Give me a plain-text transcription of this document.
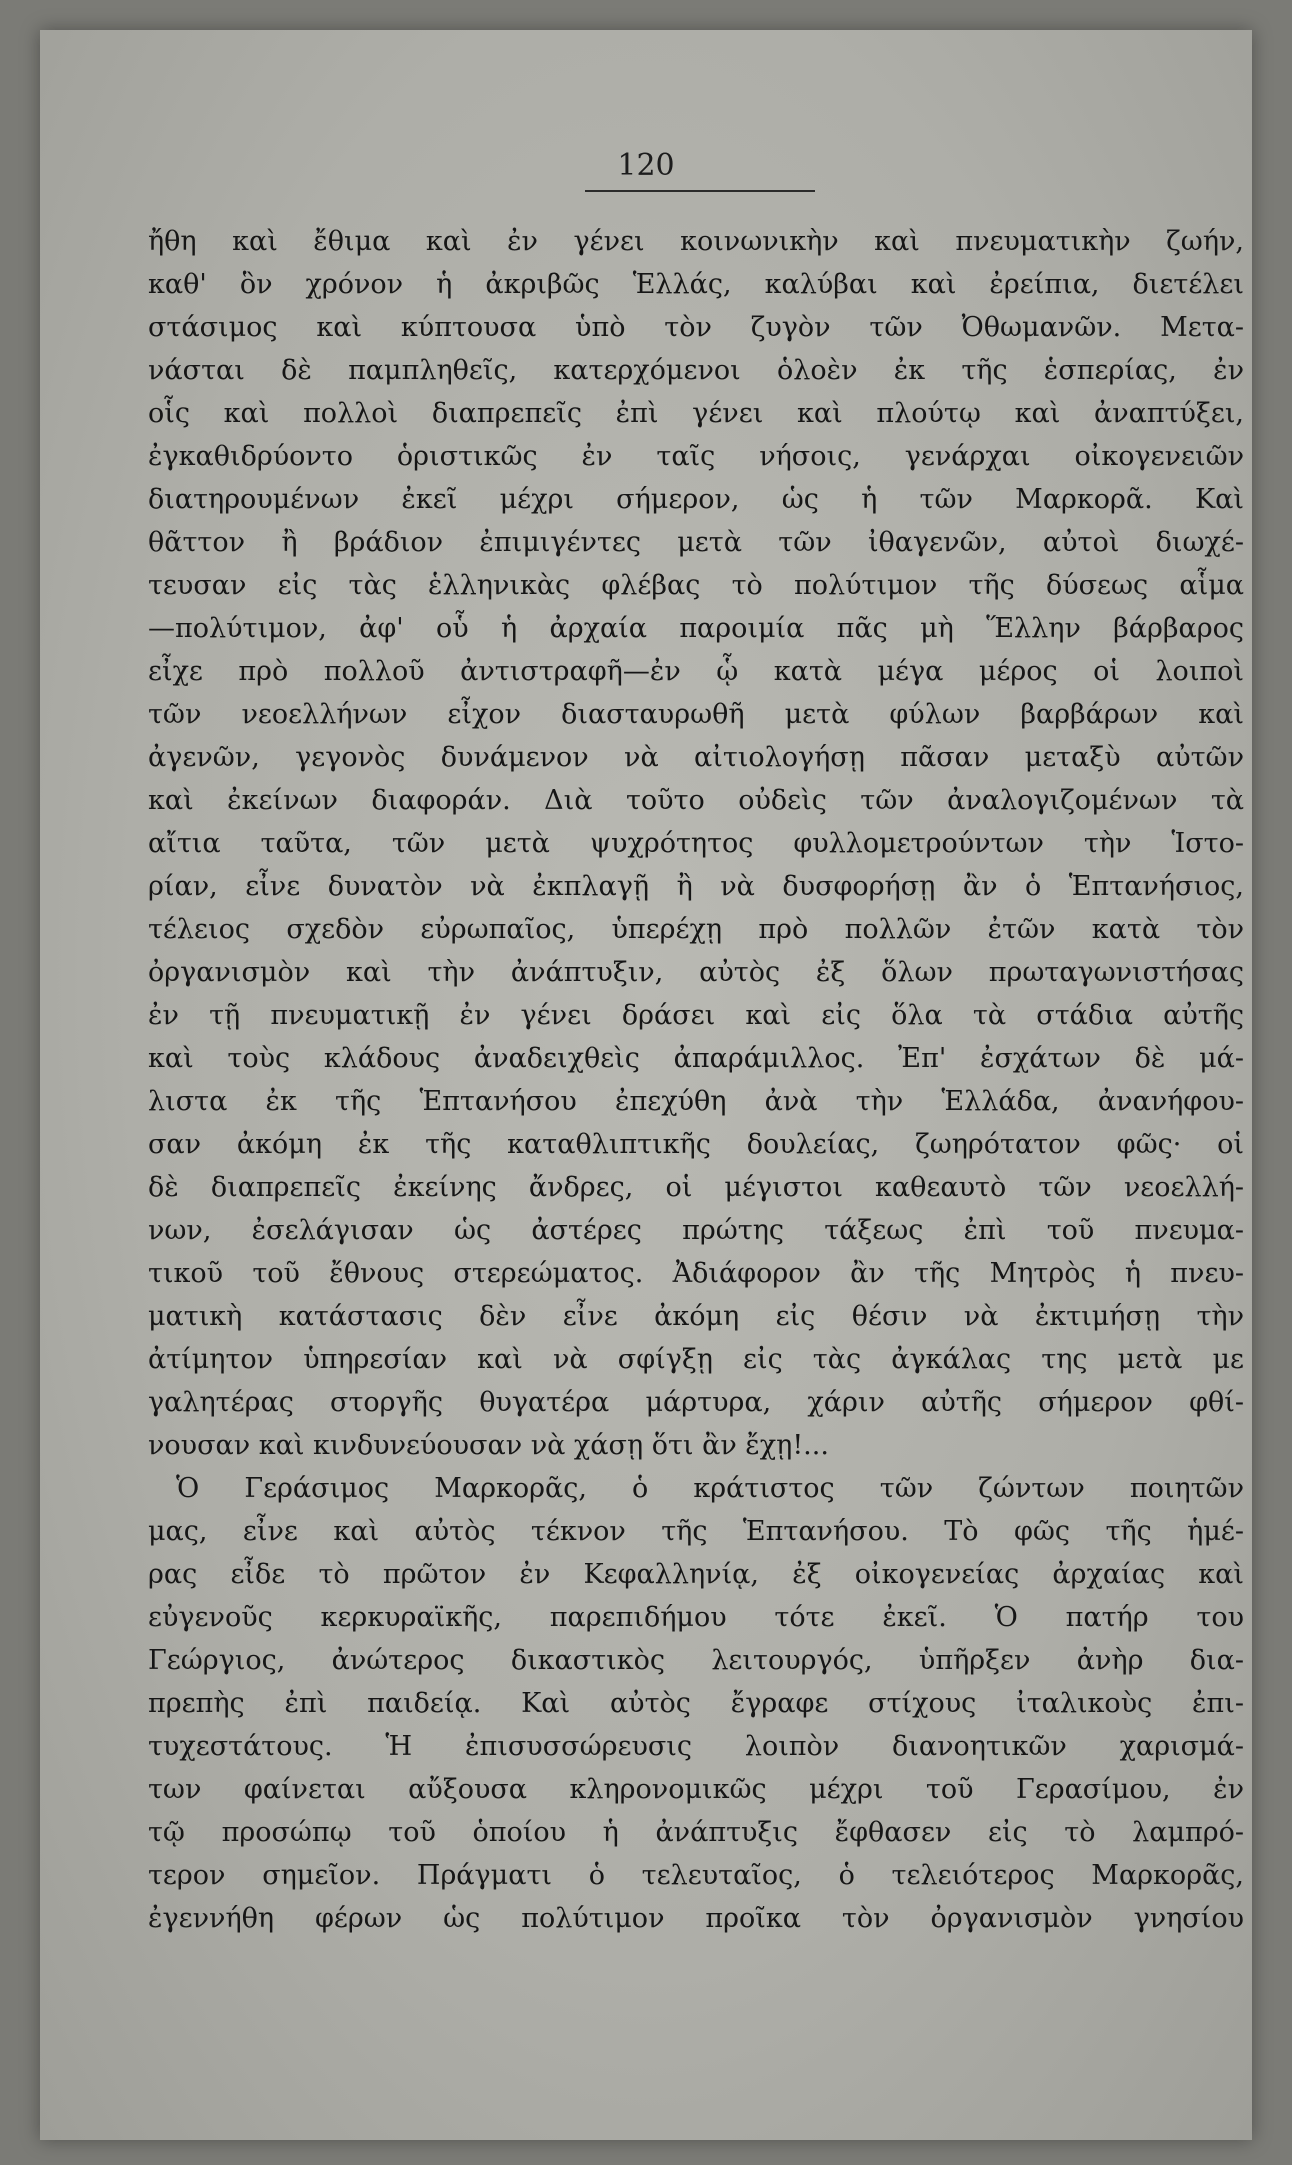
120
ἤθη καὶ ἔθιμα καὶ ἐν γένει κοινωνικὴν καὶ πνευματικὴν ζωήν,
καθ' ὃν χρόνον ἡ ἀκριβῶς Ἑλλάς, καλύβαι καὶ ἐρείπια, διετέλει
στάσιμος καὶ κύπτουσα ὑπὸ τὸν ζυγὸν τῶν Ὀθωμανῶν. Μετα-
νάσται δὲ παμπληθεῖς, κατερχόμενοι ὁλοὲν ἐκ τῆς ἑσπερίας, ἐν
οἷς καὶ πολλοὶ διαπρεπεῖς ἐπὶ γένει καὶ πλούτῳ καὶ ἀναπτύξει,
ἐγκαθιδρύοντο ὁριστικῶς ἐν ταῖς νήσοις, γενάρχαι οἰκογενειῶν
διατηρουμένων ἐκεῖ μέχρι σήμερον, ὡς ἡ τῶν Μαρκορᾶ. Καὶ
θᾶττον ἢ βράδιον ἐπιμιγέντες μετὰ τῶν ἰθαγενῶν, αὐτοὶ διωχέ-
τευσαν εἰς τὰς ἑλληνικὰς φλέβας τὸ πολύτιμον τῆς δύσεως αἷμα
—πολύτιμον, ἀφ' οὗ ἡ ἀρχαία παροιμία πᾶς μὴ Ἕλλην βάρβαρος
εἶχε πρὸ πολλοῦ ἀντιστραφῆ—ἐν ᾧ κατὰ μέγα μέρος οἱ λοιποὶ
τῶν νεοελλήνων εἶχον διασταυρωθῆ μετὰ φύλων βαρβάρων καὶ
ἀγενῶν, γεγονὸς δυνάμενον νὰ αἰτιολογήσῃ πᾶσαν μεταξὺ αὐτῶν
καὶ ἐκείνων διαφοράν. Διὰ τοῦτο οὐδεὶς τῶν ἀναλογιζομένων τὰ
αἴτια ταῦτα, τῶν μετὰ ψυχρότητος φυλλομετρούντων τὴν Ἱστο-
ρίαν, εἶνε δυνατὸν νὰ ἐκπλαγῇ ἢ νὰ δυσφορήσῃ ἂν ὁ Ἑπτανήσιος,
τέλειος σχεδὸν εὐρωπαῖος, ὑπερέχῃ πρὸ πολλῶν ἐτῶν κατὰ τὸν
ὀργανισμὸν καὶ τὴν ἀνάπτυξιν, αὐτὸς ἐξ ὅλων πρωταγωνιστήσας
ἐν τῇ πνευματικῇ ἐν γένει δράσει καὶ εἰς ὅλα τὰ στάδια αὐτῆς
καὶ τοὺς κλάδους ἀναδειχθεὶς ἀπαράμιλλος. Ἐπ' ἐσχάτων δὲ μά-
λιστα ἐκ τῆς Ἑπτανήσου ἐπεχύθη ἀνὰ τὴν Ἑλλάδα, ἀνανήφου-
σαν ἀκόμη ἐκ τῆς καταθλιπτικῆς δουλείας, ζωηρότατον φῶς· οἱ
δὲ διαπρεπεῖς ἐκείνης ἄνδρες, οἱ μέγιστοι καθεαυτὸ τῶν νεοελλή-
νων, ἐσελάγισαν ὡς ἀστέρες πρώτης τάξεως ἐπὶ τοῦ πνευμα-
τικοῦ τοῦ ἔθνους στερεώματος. Ἀδιάφορον ἂν τῆς Μητρὸς ἡ πνευ-
ματικὴ κατάστασις δὲν εἶνε ἀκόμη εἰς θέσιν νὰ ἐκτιμήσῃ τὴν
ἀτίμητον ὑπηρεσίαν καὶ νὰ σφίγξῃ εἰς τὰς ἀγκάλας της μετὰ με
γαλητέρας στοργῆς θυγατέρα μάρτυρα, χάριν αὐτῆς σήμερον φθί-
νουσαν καὶ κινδυνεύουσαν νὰ χάσῃ ὅτι ἂν ἔχῃ!...
Ὁ Γεράσιμος Μαρκορᾶς, ὁ κράτιστος τῶν ζώντων ποιητῶν
μας, εἶνε καὶ αὐτὸς τέκνον τῆς Ἑπτανήσου. Τὸ φῶς τῆς ἡμέ-
ρας εἶδε τὸ πρῶτον ἐν Κεφαλληνίᾳ, ἐξ οἰκογενείας ἀρχαίας καὶ
εὐγενοῦς κερκυραϊκῆς, παρεπιδήμου τότε ἐκεῖ. Ὁ πατήρ του
Γεώργιος, ἀνώτερος δικαστικὸς λειτουργός, ὑπῆρξεν ἀνὴρ δια-
πρεπὴς ἐπὶ παιδείᾳ. Καὶ αὐτὸς ἔγραφε στίχους ἰταλικοὺς ἐπι-
τυχεστάτους. Ἡ ἐπισυσσώρευσις λοιπὸν διανοητικῶν χαρισμά-
των φαίνεται αὔξουσα κληρονομικῶς μέχρι τοῦ Γερασίμου, ἐν
τῷ προσώπῳ τοῦ ὁποίου ἡ ἀνάπτυξις ἔφθασεν εἰς τὸ λαμπρό-
τερον σημεῖον. Πράγματι ὁ τελευταῖος, ὁ τελειότερος Μαρκορᾶς,
ἐγεννήθη φέρων ὡς πολύτιμον προῖκα τὸν ὀργανισμὸν γνησίου
